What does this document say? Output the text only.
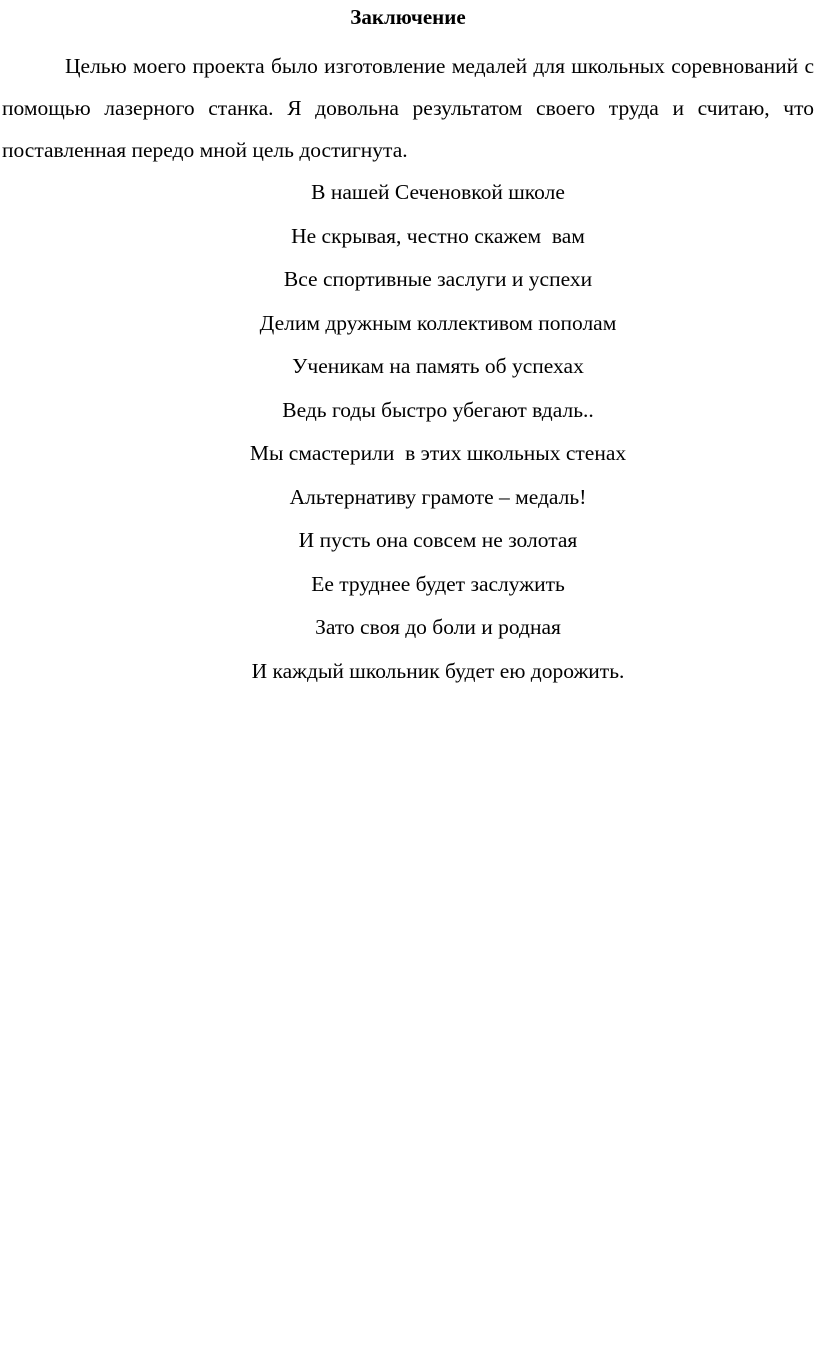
Заключение

Целью моего проекта было изготовление медалей для школьных соревнований с помощью лазерного станка. Я довольна результатом своего труда и считаю, что поставленная передо мной цель достигнута.

В нашей Сеченовкой школе
Не скрывая, честно скажем  вам
Все спортивные заслуги и успехи
Делим дружным коллективом пополам
Ученикам на память об успехах
Ведь годы быстро убегают вдаль..
Мы смастерили  в этих школьных стенах
Альтернативу грамоте – медаль!
И пусть она совсем не золотая
Ее труднее будет заслужить
Зато своя до боли и родная
И каждый школьник будет ею дорожить.
